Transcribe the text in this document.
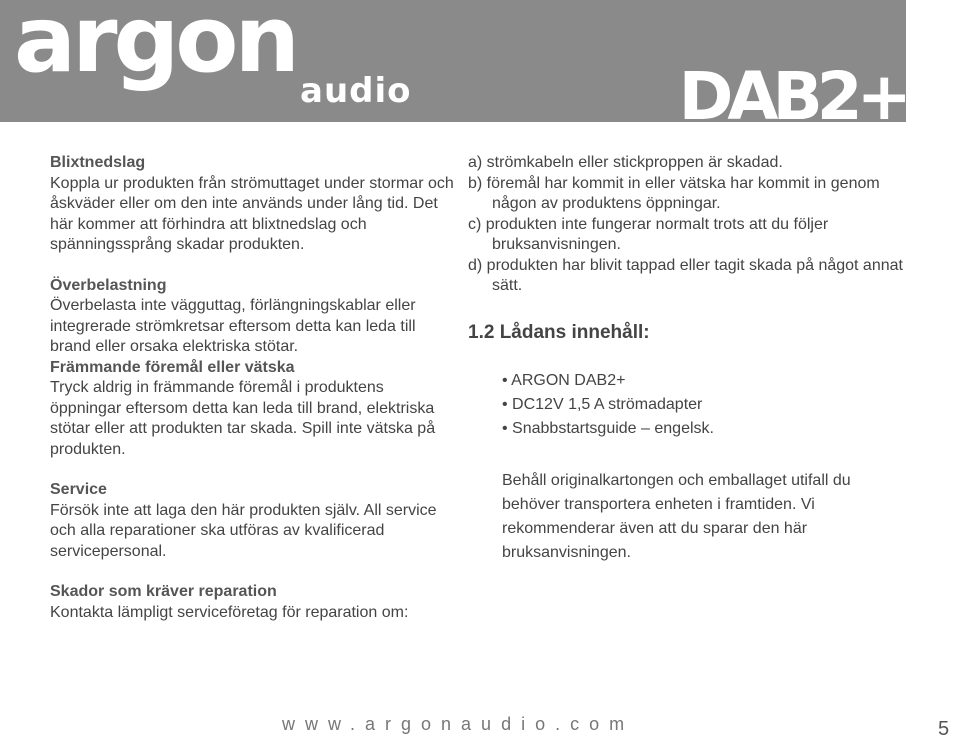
argon audio	DAB2+
Blixtnedslag

Koppla ur produkten från strömuttaget under stormar och åskväder eller om den inte används under lång tid. Det här kommer att förhindra att blixtnedslag och spänningssprång skadar produkten.

Överbelastning

Överbelasta inte vägguttag, förlängningskablar eller integrerade strömkretsar eftersom detta kan leda till brand eller orsaka elektriska stötar.

Främmande föremål eller vätska

Tryck aldrig in främmande föremål i produktens öppningar eftersom detta kan leda till brand, elektriska stötar eller att produkten tar skada. Spill inte vätska på produkten.

Service

Försök inte att laga den här produkten själv. All service och alla reparationer ska utföras av kvalificerad servicepersonal.

Skador som kräver reparation

Kontakta lämpligt serviceföretag för reparation om:

a) strömkabeln eller stickproppen är skadad.
b) föremål har kommit in eller vätska har kommit in genom någon av produktens öppningar.
c) produkten inte fungerar normalt trots att du följer bruksanvisningen.
d) produkten har blivit tappad eller tagit skada på något annat sätt.
1.2 Lådans innehåll:
• ARGON DAB2+
• DC12V 1,5 A strömadapter
• Snabbstartsguide – engelsk.
Behåll originalkartongen och emballaget utifall du behöver transportera enheten i framtiden. Vi rekommenderar även att du sparar den här bruksanvisningen.
www.argonaudio.com	5
